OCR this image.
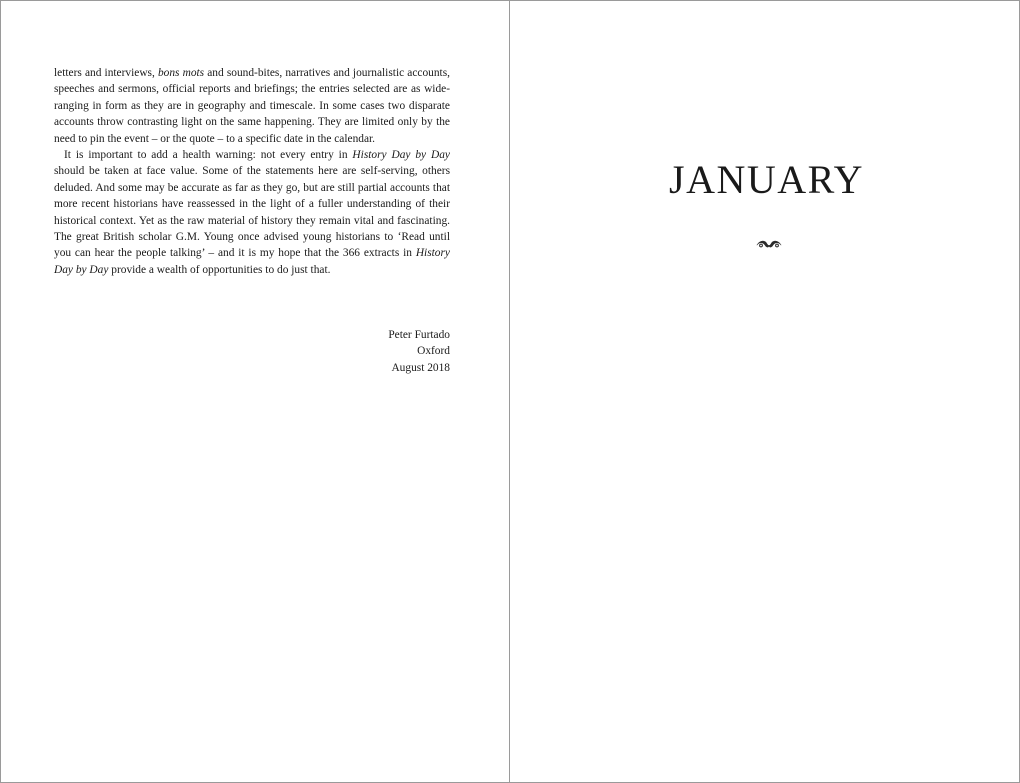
letters and interviews, bons mots and sound-bites, narratives and journalistic accounts, speeches and sermons, official reports and briefings; the entries selected are as wide-ranging in form as they are in geography and timescale. In some cases two disparate accounts throw contrasting light on the same happening. They are limited only by the need to pin the event – or the quote – to a specific date in the calendar.

It is important to add a health warning: not every entry in History Day by Day should be taken at face value. Some of the statements here are self-serving, others deluded. And some may be accurate as far as they go, but are still partial accounts that more recent historians have reassessed in the light of a fuller understanding of their historical context. Yet as the raw material of history they remain vital and fascinating. The great British scholar G.M. Young once advised young historians to ‘Read until you can hear the people talking’ – and it is my hope that the 366 extracts in History Day by Day provide a wealth of opportunities to do just that.

Peter Furtado
Oxford
August 2018
JANUARY
